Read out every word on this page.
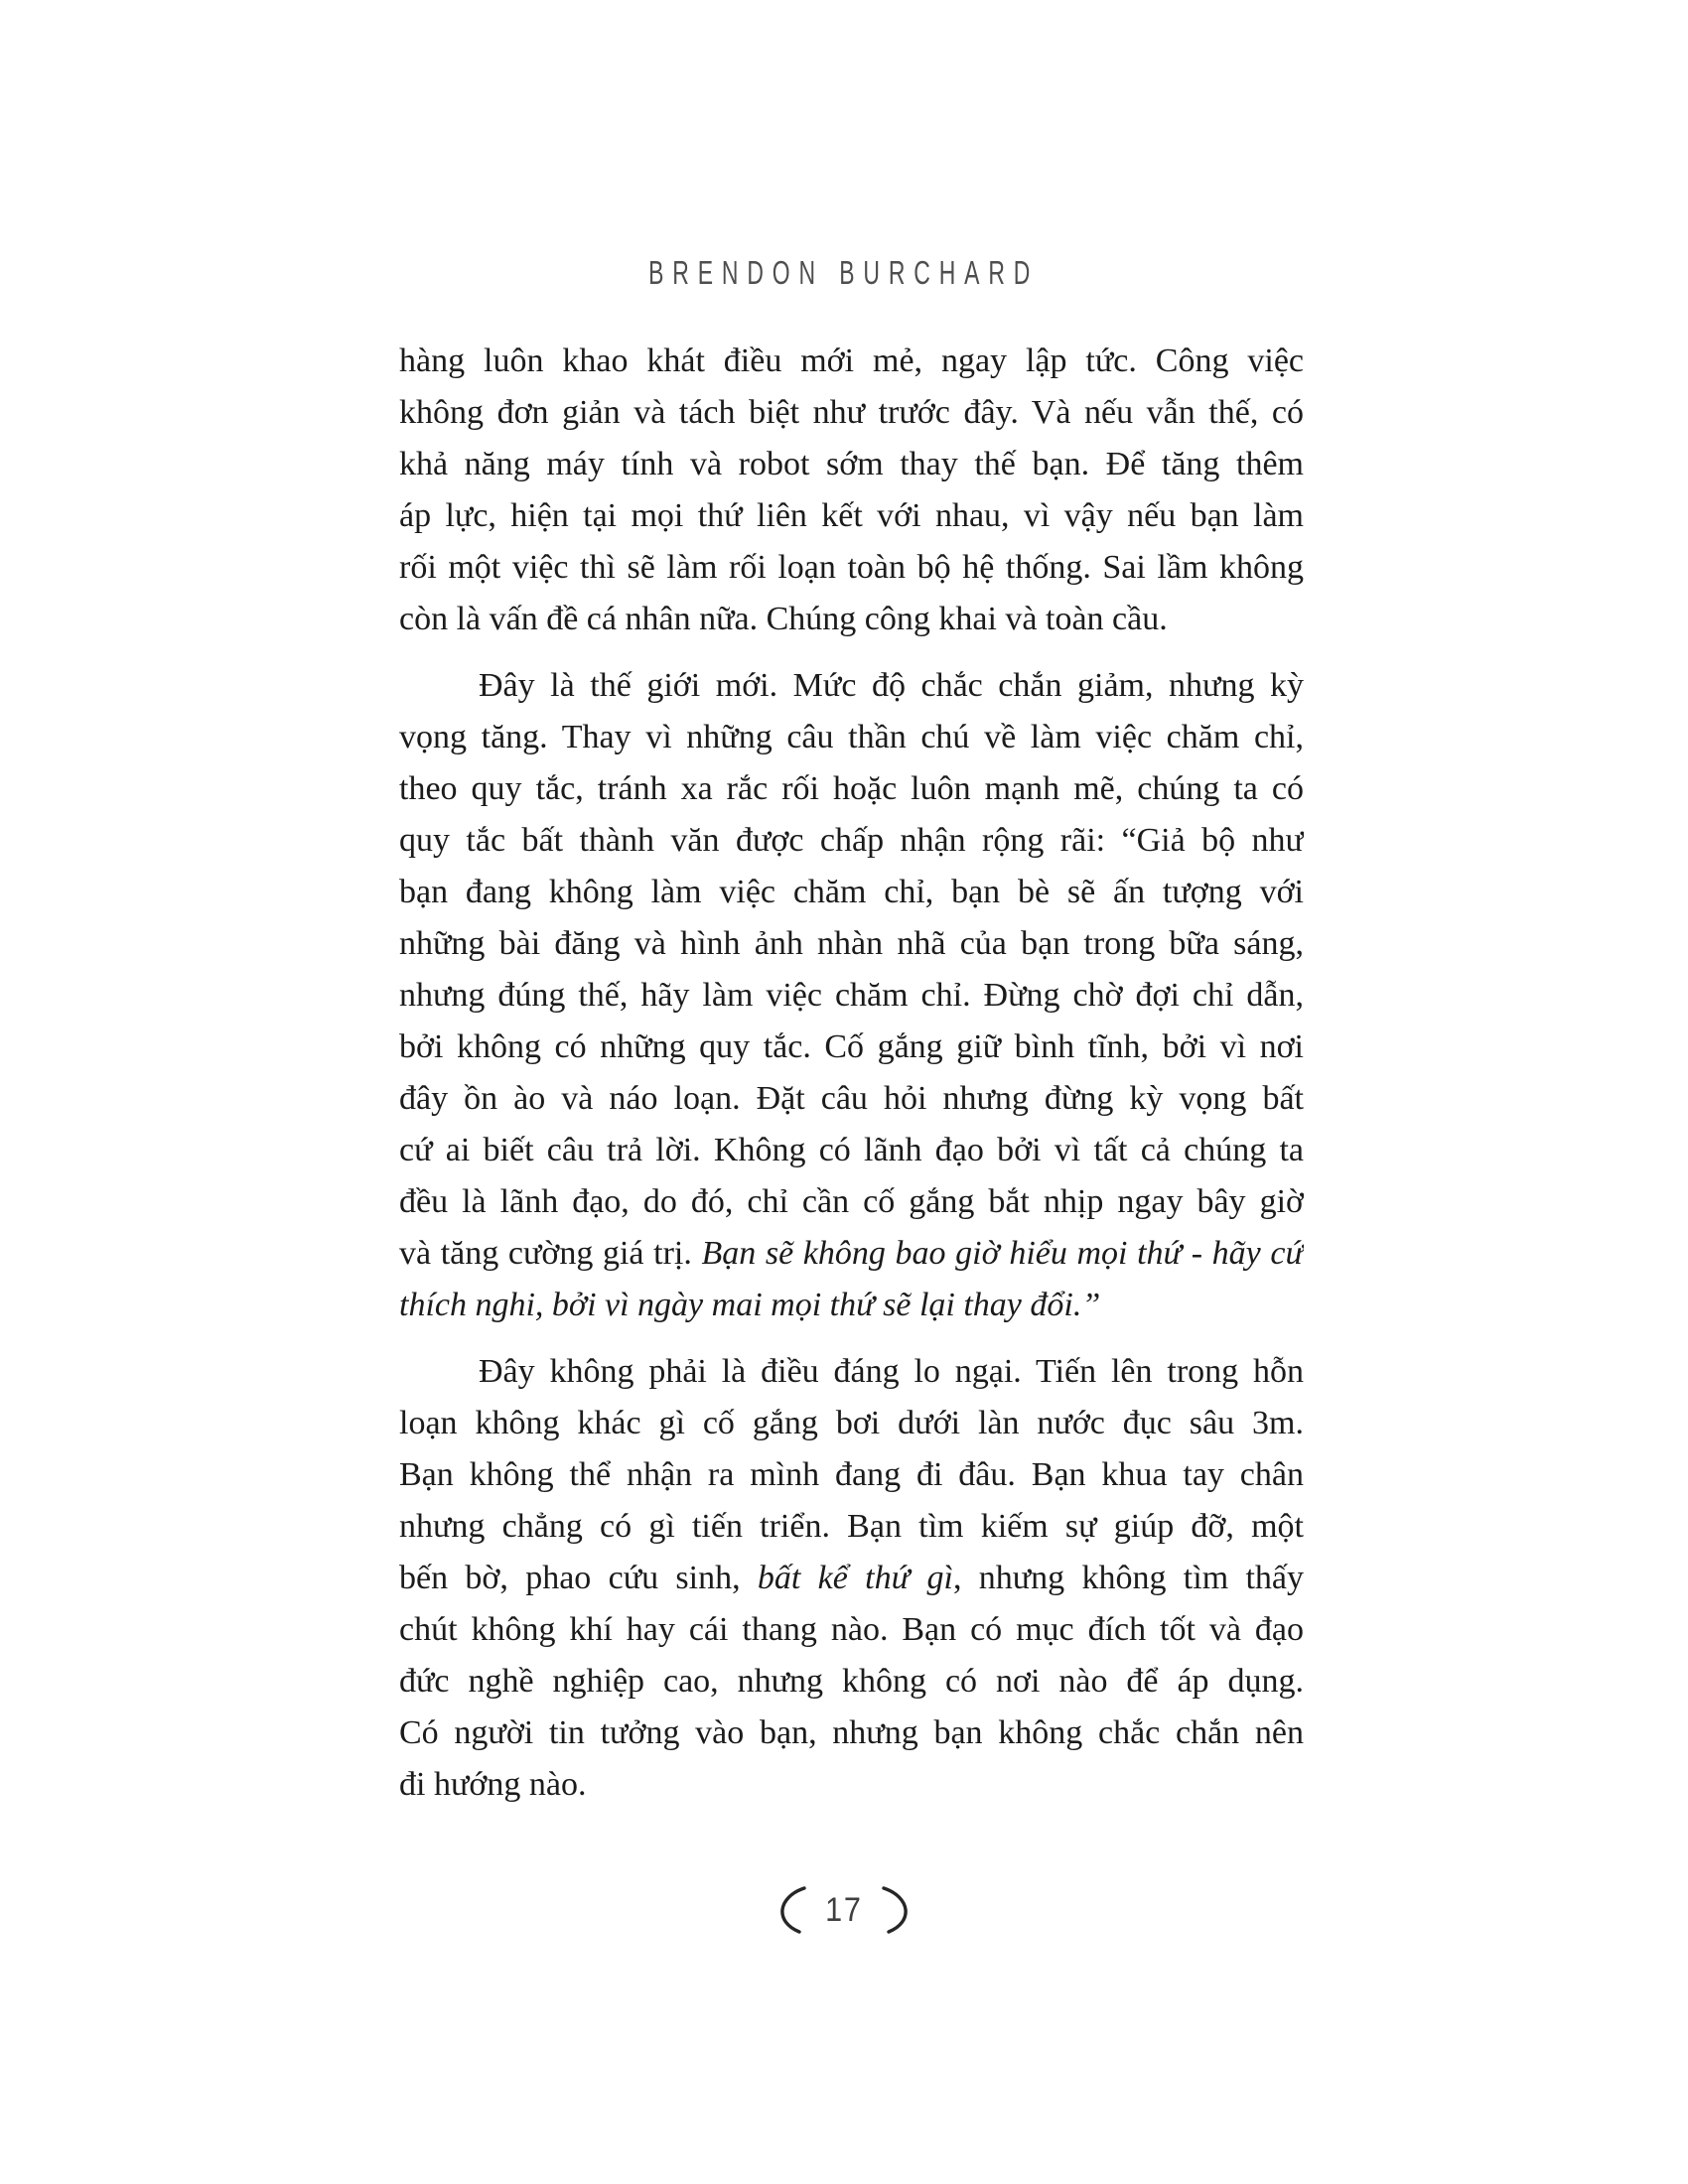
BRENDON BURCHARD
hàng luôn khao khát điều mới mẻ, ngay lập tức. Công việc
không đơn giản và tách biệt như trước đây. Và nếu vẫn thế, có
khả năng máy tính và robot sớm thay thế bạn. Để tăng thêm
áp lực, hiện tại mọi thứ liên kết với nhau, vì vậy nếu bạn làm
rối một việc thì sẽ làm rối loạn toàn bộ hệ thống. Sai lầm không
còn là vấn đề cá nhân nữa. Chúng công khai và toàn cầu.
Đây là thế giới mới. Mức độ chắc chắn giảm, nhưng kỳ
vọng tăng. Thay vì những câu thần chú về làm việc chăm chỉ,
theo quy tắc, tránh xa rắc rối hoặc luôn mạnh mẽ, chúng ta có
quy tắc bất thành văn được chấp nhận rộng rãi: “Giả bộ như
bạn đang không làm việc chăm chỉ, bạn bè sẽ ấn tượng với
những bài đăng và hình ảnh nhàn nhã của bạn trong bữa sáng,
nhưng đúng thế, hãy làm việc chăm chỉ. Đừng chờ đợi chỉ dẫn,
bởi không có những quy tắc. Cố gắng giữ bình tĩnh, bởi vì nơi
đây ồn ào và náo loạn. Đặt câu hỏi nhưng đừng kỳ vọng bất
cứ ai biết câu trả lời. Không có lãnh đạo bởi vì tất cả chúng ta
đều là lãnh đạo, do đó, chỉ cần cố gắng bắt nhịp ngay bây giờ
và tăng cường giá trị. Bạn sẽ không bao giờ hiểu mọi thứ - hãy cứ
thích nghi, bởi vì ngày mai mọi thứ sẽ lại thay đổi.”
Đây không phải là điều đáng lo ngại. Tiến lên trong hỗn
loạn không khác gì cố gắng bơi dưới làn nước đục sâu 3m.
Bạn không thể nhận ra mình đang đi đâu. Bạn khua tay chân
nhưng chẳng có gì tiến triển. Bạn tìm kiếm sự giúp đỡ, một
bến bờ, phao cứu sinh, bất kể thứ gì, nhưng không tìm thấy
chút không khí hay cái thang nào. Bạn có mục đích tốt và đạo
đức nghề nghiệp cao, nhưng không có nơi nào để áp dụng.
Có người tin tưởng vào bạn, nhưng bạn không chắc chắn nên
đi hướng nào.
17
